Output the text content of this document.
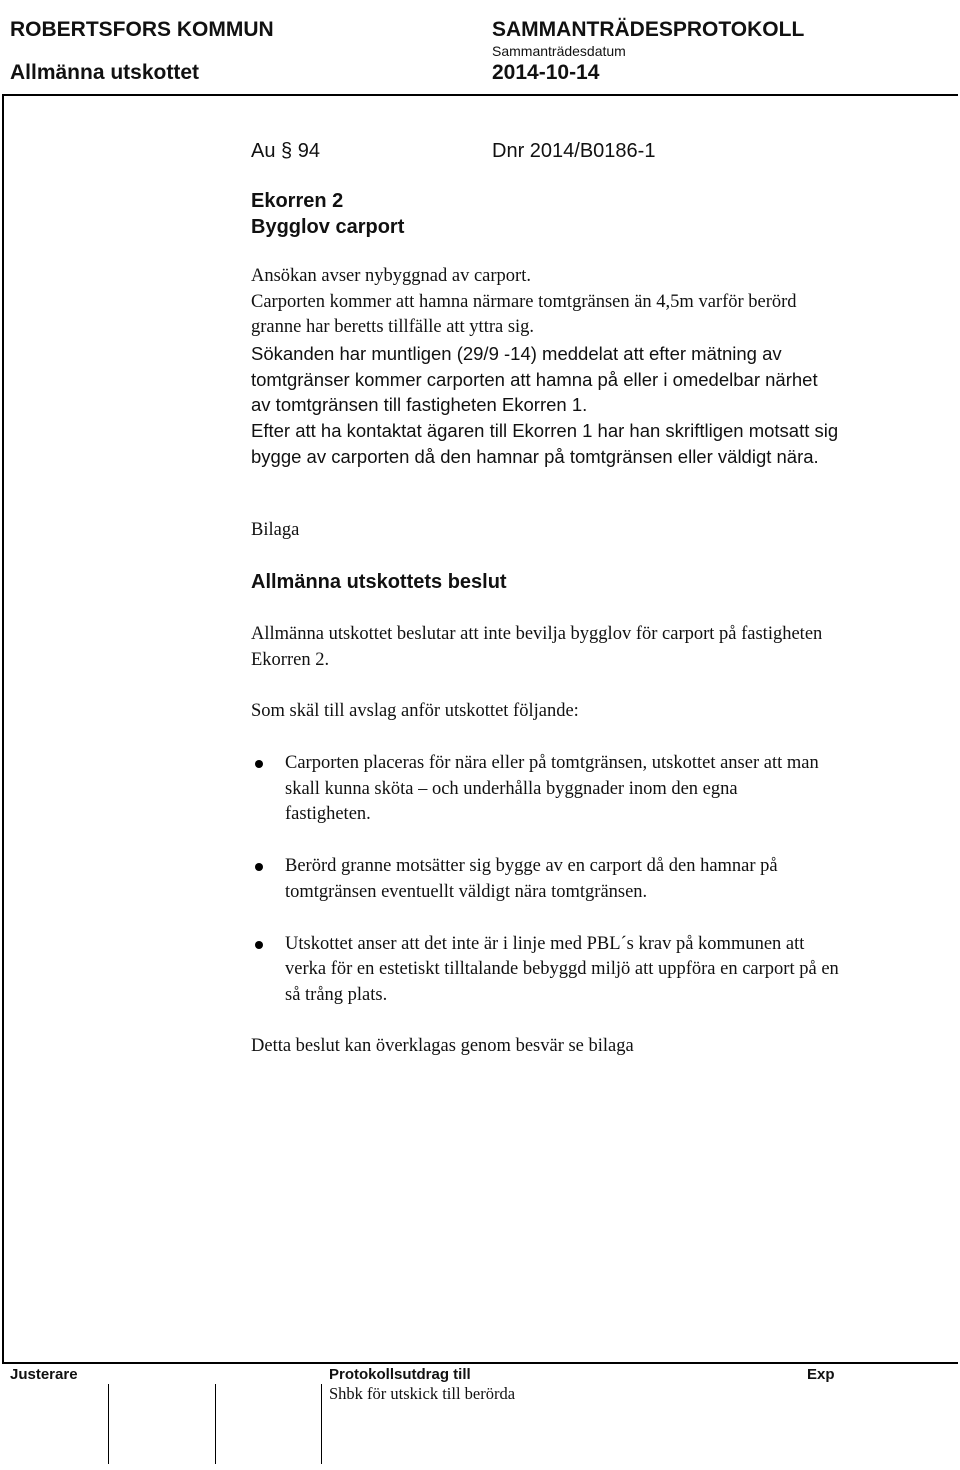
ROBERTSFORS KOMMUN	SAMMANTRÄDESPROTOKOLL
Sammanträdesdatum
Allmänna utskottet	2014-10-14
Au § 94	Dnr 2014/B0186-1
Ekorren 2
Bygglov carport

Ansökan avser nybyggnad av carport.

Carporten kommer att hamna närmare tomtgränsen än 4,5m varför berörd granne har beretts tillfälle att yttra sig.

Sökanden har muntligen (29/9 -14) meddelat att efter mätning av tomtgränser kommer carporten att hamna på eller i omedelbar närhet av tomtgränsen till fastigheten Ekorren 1.

Efter att ha kontaktat ägaren till Ekorren 1 har han skriftligen motsatt sig bygge av carporten då den hamnar på tomtgränsen eller väldigt nära.

Bilaga
Allmänna utskottets beslut

Allmänna utskottet beslutar att inte bevilja bygglov för carport på fastigheten Ekorren 2.

Som skäl till avslag anför utskottet följande:

Carporten placeras för nära eller på tomtgränsen, utskottet anser att man skall kunna sköta – och underhålla byggnader inom den egna fastigheten.
Berörd granne motsätter sig bygge av en carport då den hamnar på tomtgränsen eventuellt väldigt nära tomtgränsen.
Utskottet anser att det inte är i linje med PBL´s krav på kommunen att verka för en estetiskt tilltalande bebyggd miljö att uppföra en carport på en så trång plats.

Detta beslut kan överklagas genom besvär se bilaga

Justerare	Protokollsutdrag till	Exp
Shbk för utskick till berörda
